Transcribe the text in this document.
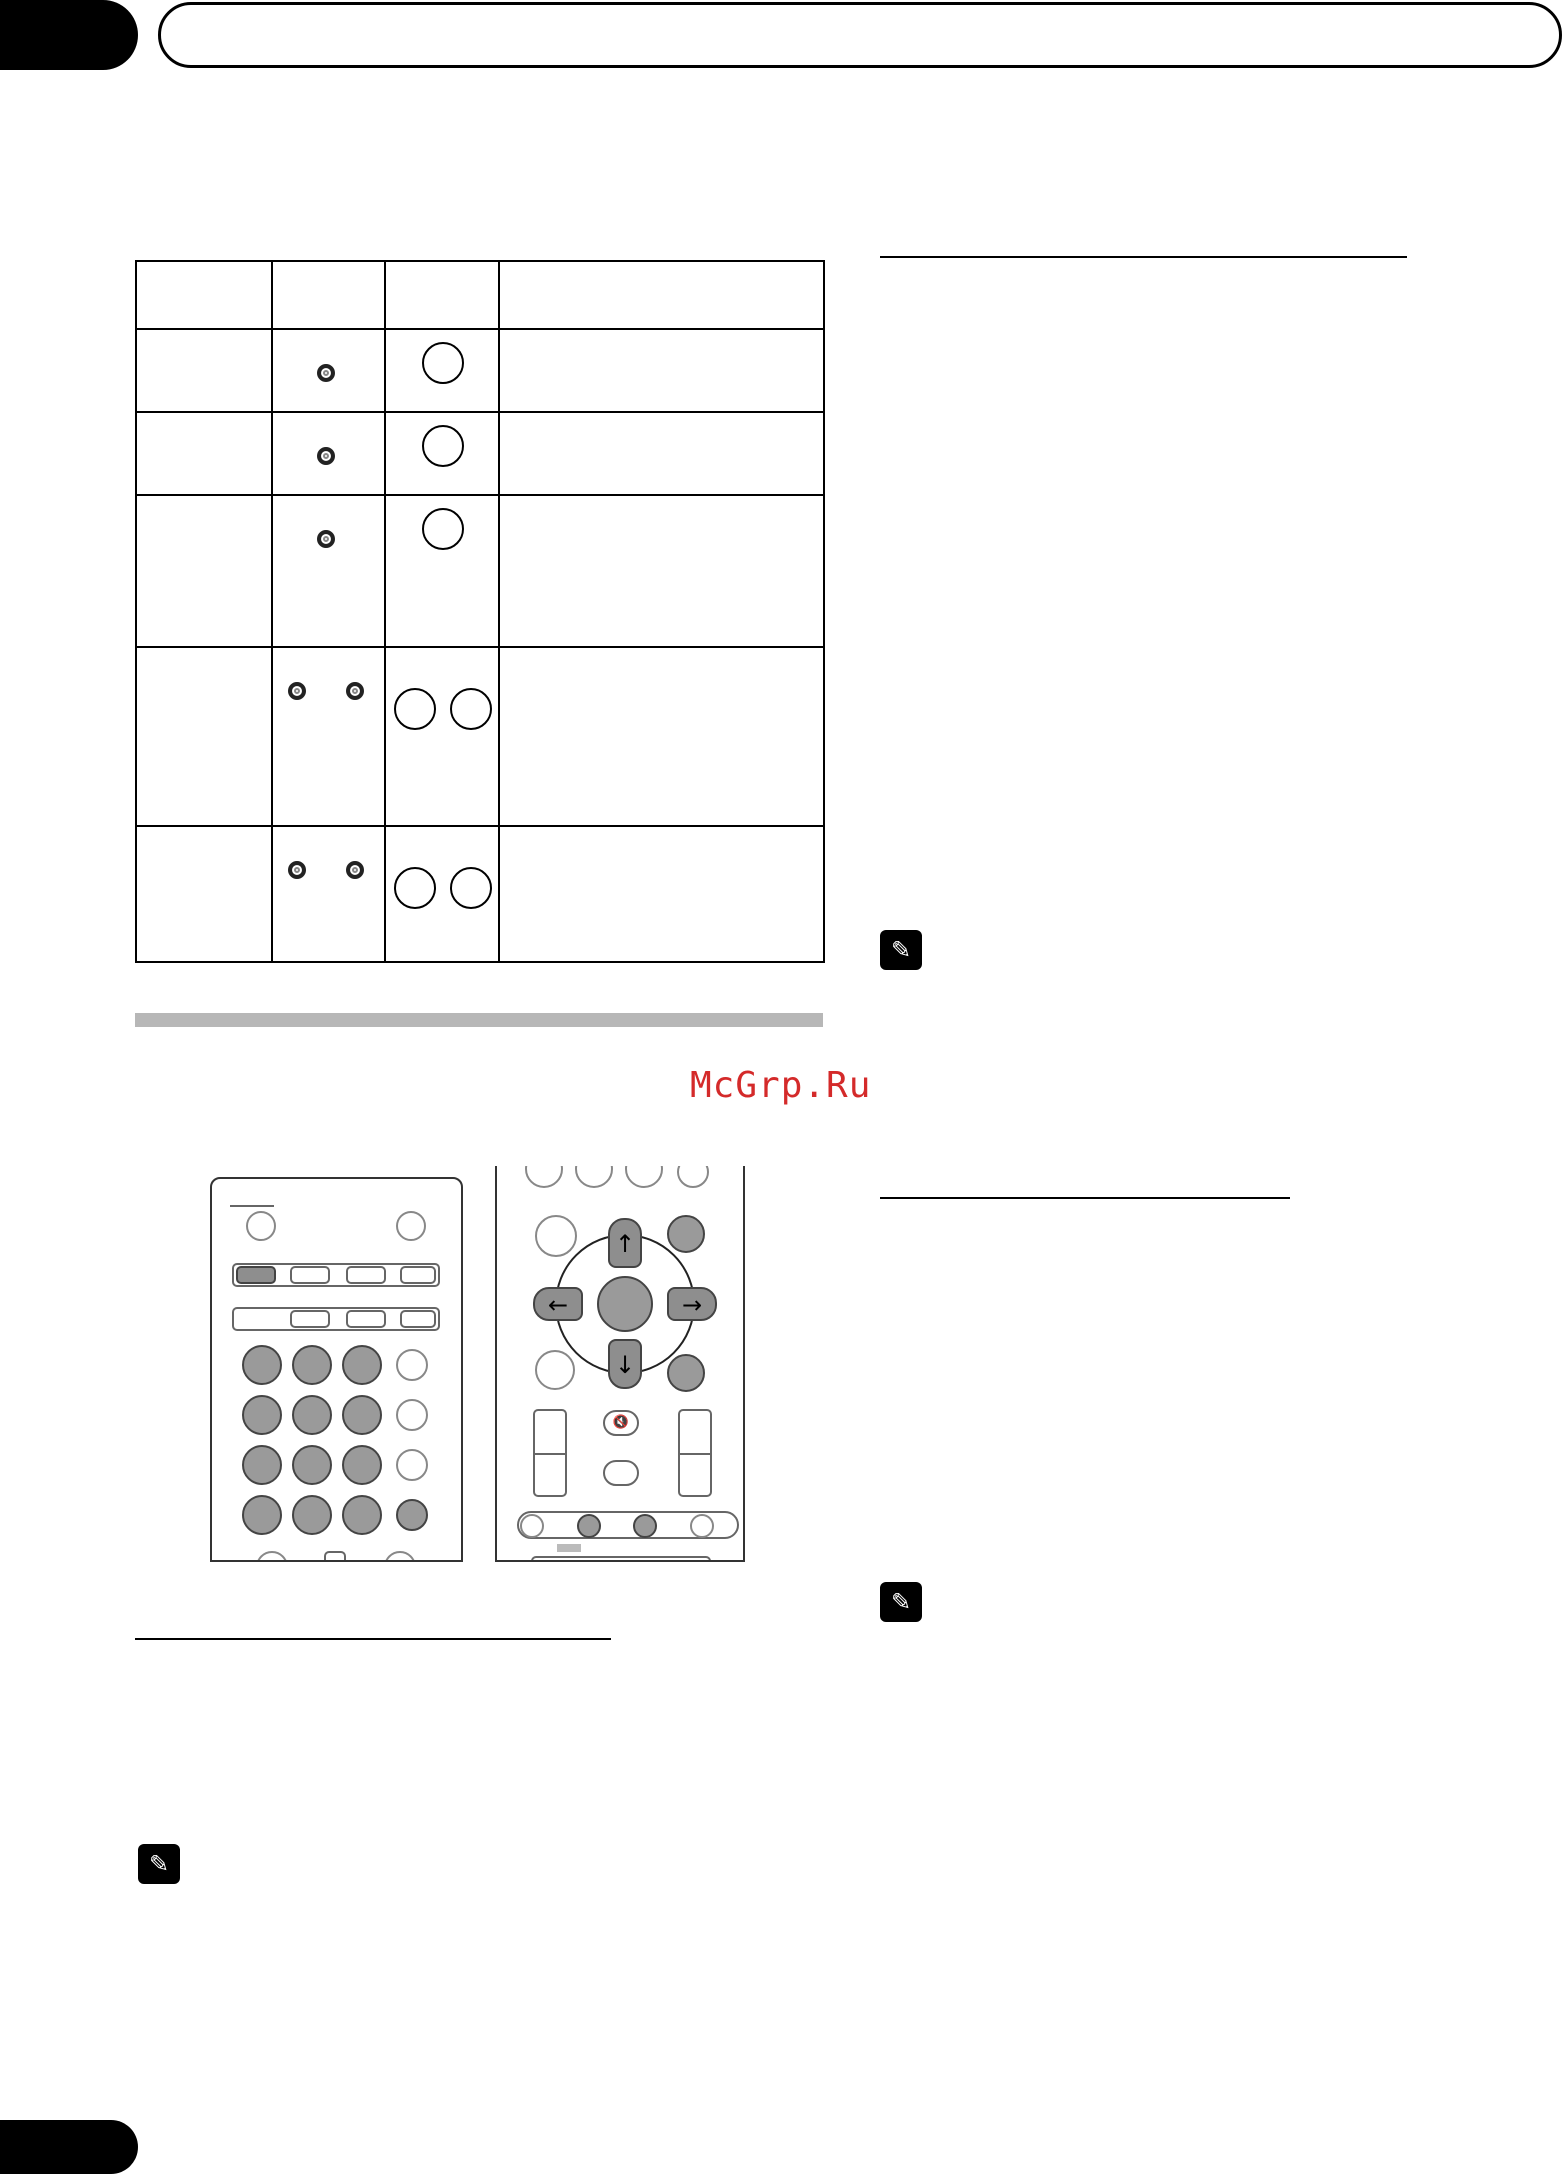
McGrp.Ru
↑
↓
←	→
🔇
✎
✎
✎
